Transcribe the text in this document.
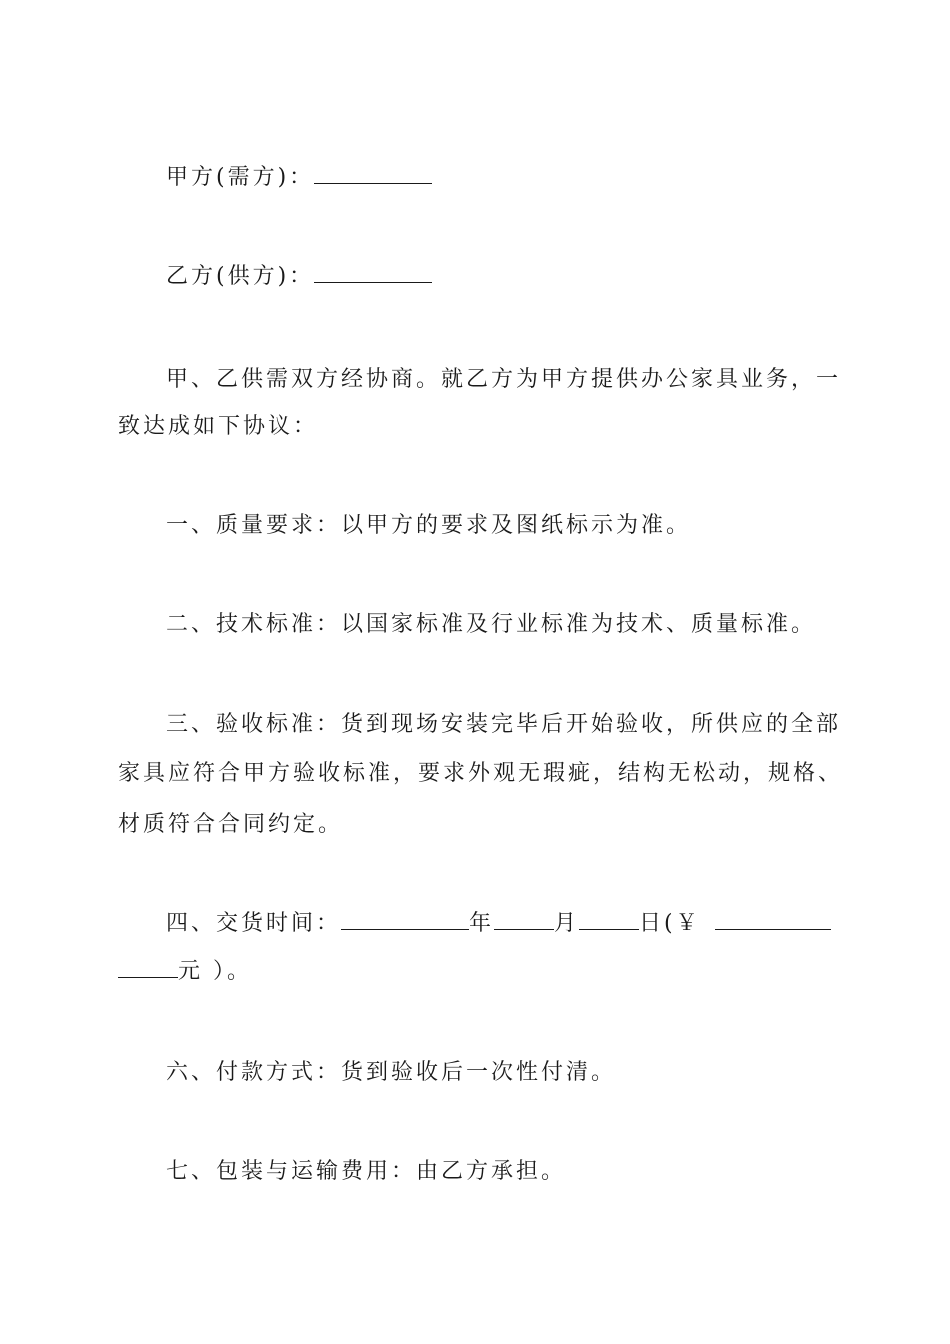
甲方(需方)：
乙方(供方)：
甲、乙供需双方经协商。就乙方为甲方提供办公家具业务，一
致达成如下协议：
一、质量要求：以甲方的要求及图纸标示为准。
二、技术标准：以国家标准及行业标准为技术、质量标准。
三、验收标准：货到现场安装完毕后开始验收，所供应的全部
家具应符合甲方验收标准，要求外观无瑕疵，结构无松动，规格、
材质符合合同约定。
四、交货时间：	年	月	日(￥
元 ）。
六、付款方式：货到验收后一次性付清。
七、包装与运输费用：由乙方承担。
